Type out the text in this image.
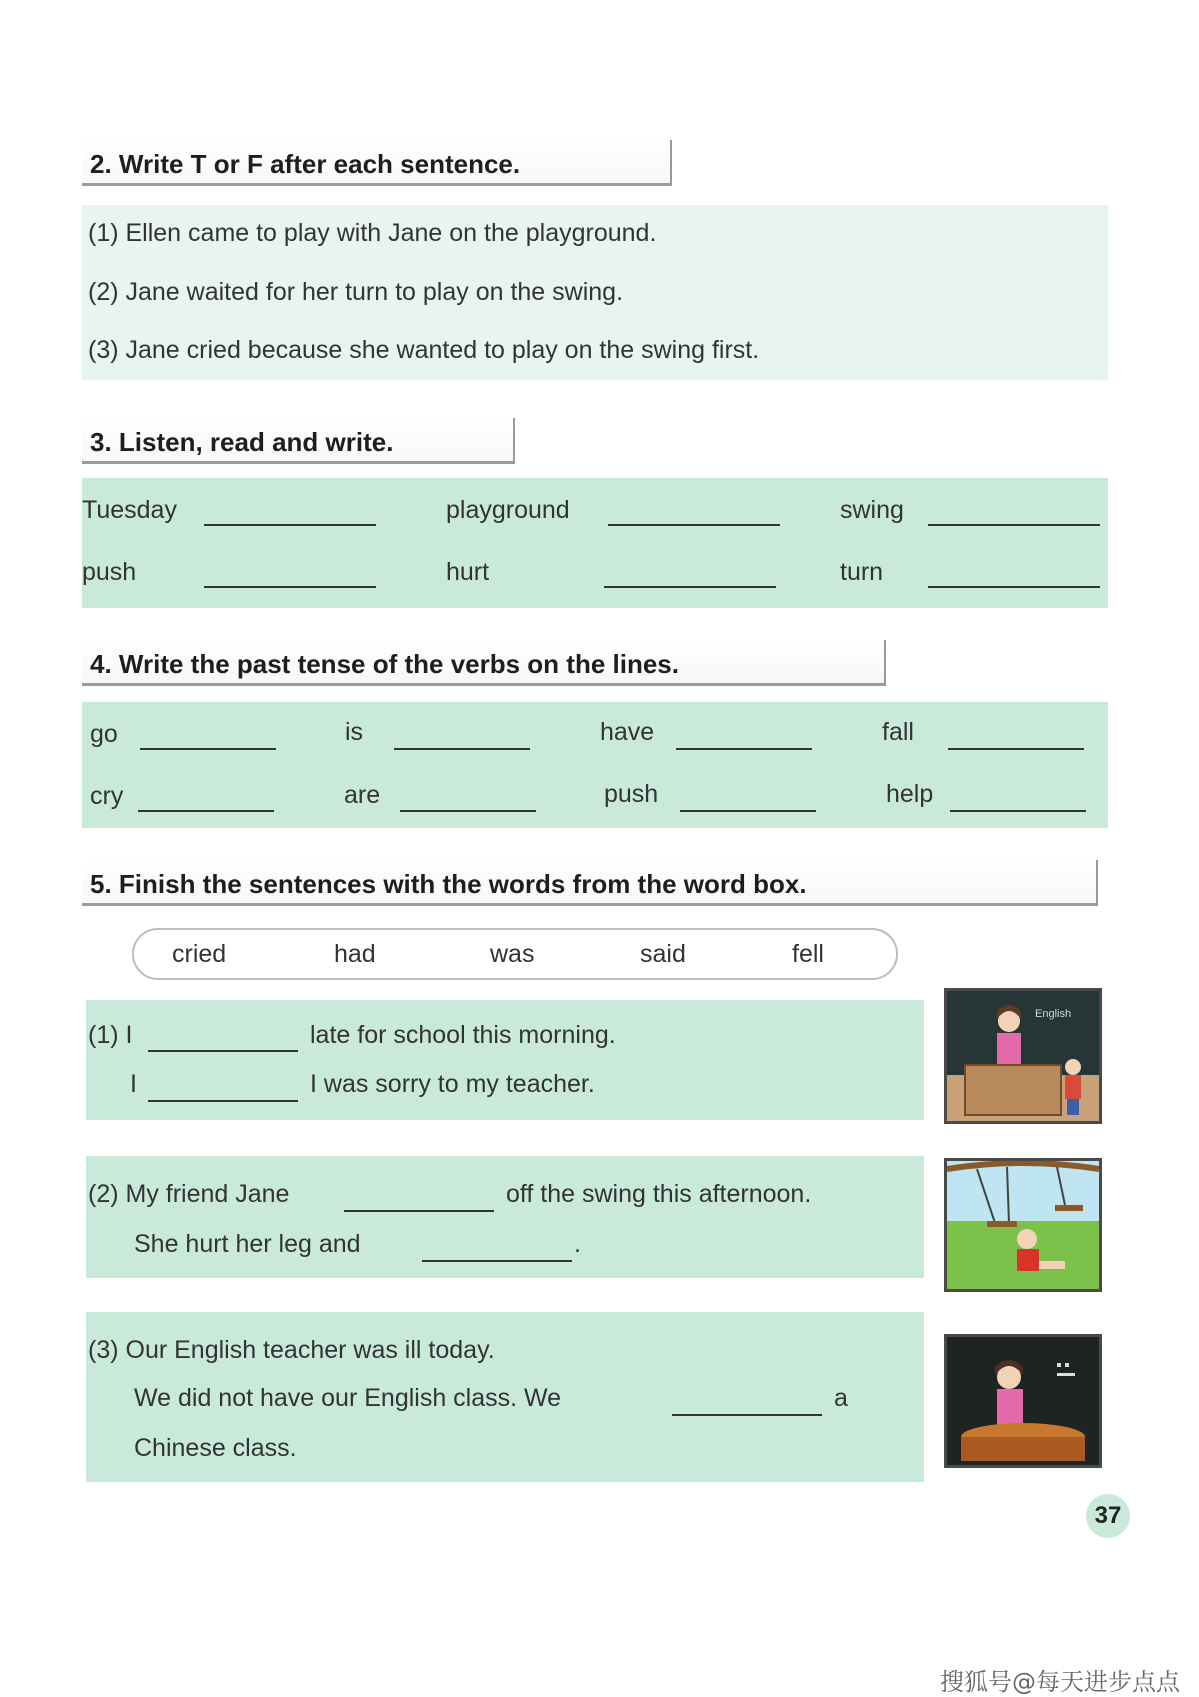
2. Write T or F after each sentence.
(1) Ellen came to play with Jane on the playground.
(2) Jane waited for her turn to play on the swing.
(3) Jane cried because she wanted to play on the swing first.
3. Listen, read and write.
Tuesday	playground	swing
push	hurt	turn
4. Write the past tense of the verbs on the lines.
go	is	have	fall
cry	are	push	help
5. Finish the sentences with the words from the word box.
cried	had	was	said	fell
(1) I	late for school this morning.
I	I was sorry to my teacher.
English
(2) My friend Jane	off the swing this afternoon.
She hurt her leg and	.
(3) Our English teacher was ill today.
We did not have our English class. We	a
Chinese class.
37
搜狐号@每天进步点点
